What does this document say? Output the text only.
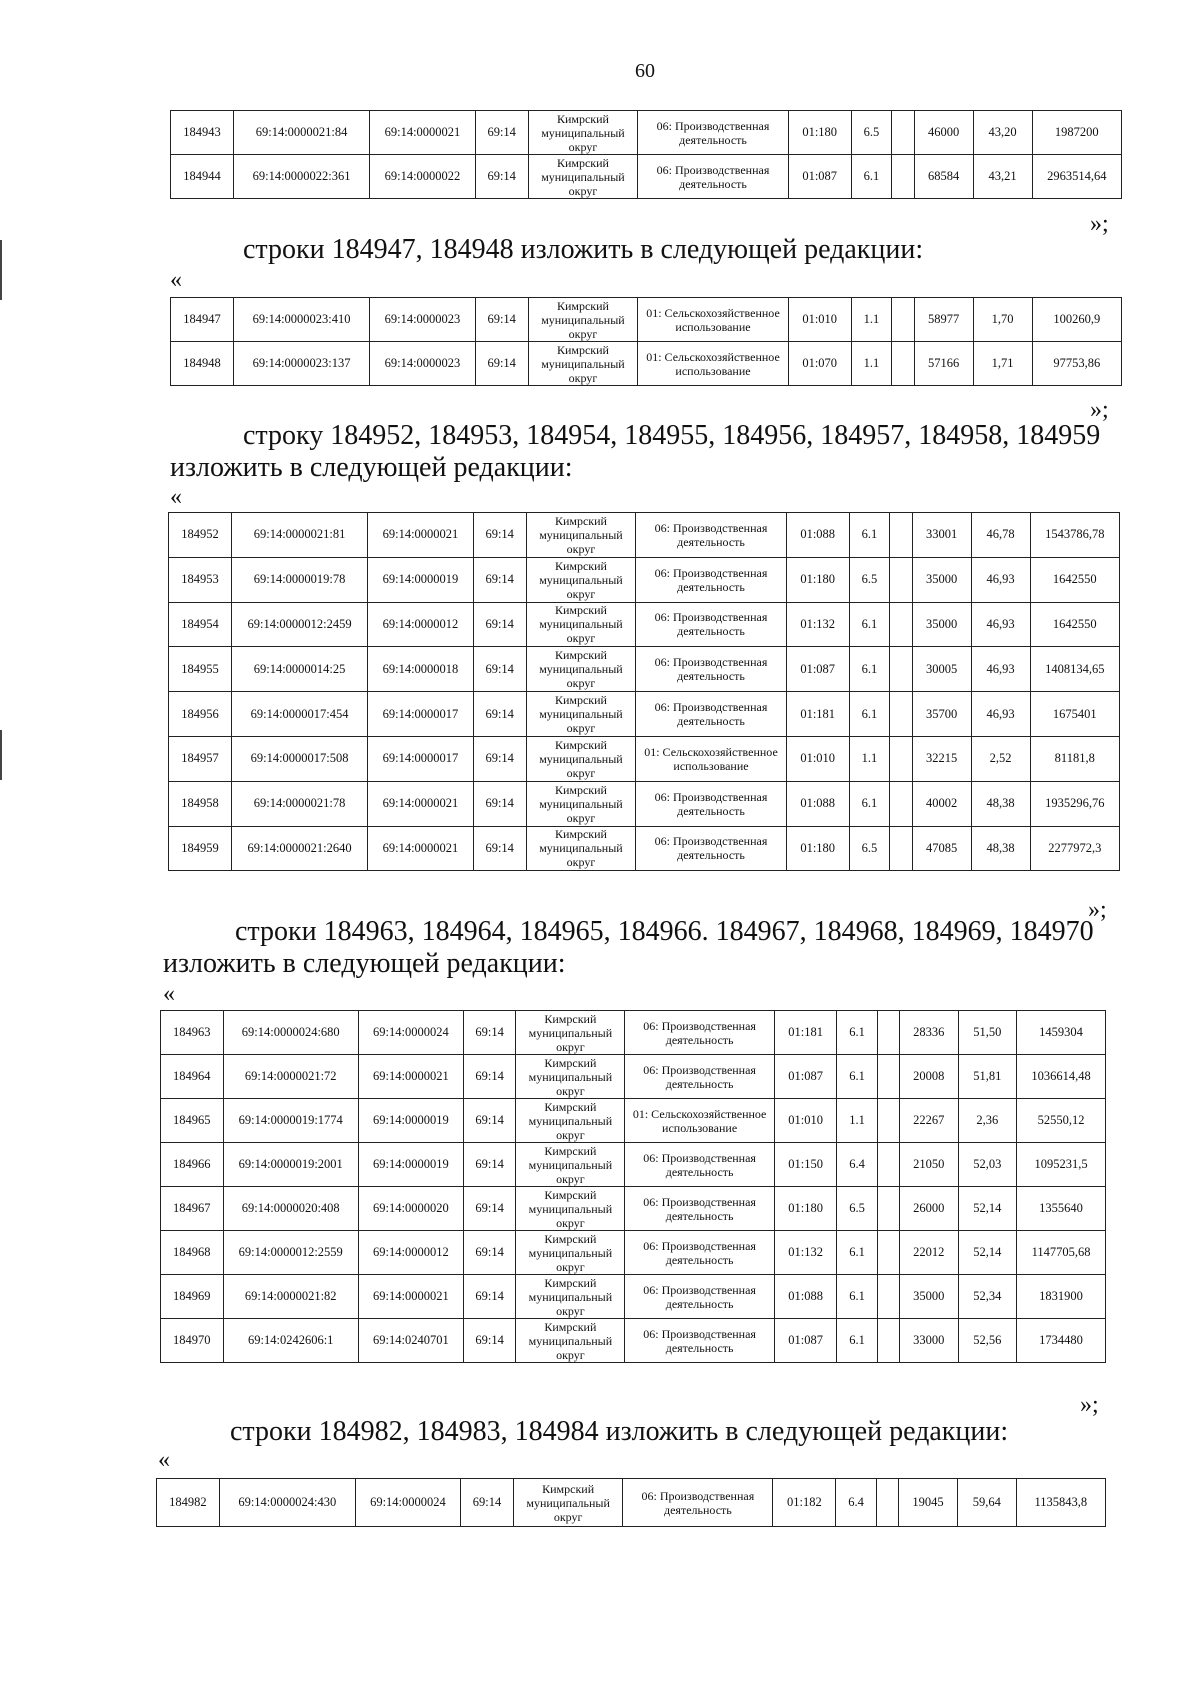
60
184943	69:14:0000021:84	69:14:0000021	69:14	Кимрский муниципальный округ	06: Производственная деятельность	01:180	6.5		46000	43,20	1987200
184944	69:14:0000022:361	69:14:0000022	69:14	Кимрский муниципальный округ	06: Производственная деятельность	01:087	6.1		68584	43,21	2963514,64
»;
строки 184947, 184948 изложить в следующей редакции:
«
184947	69:14:0000023:410	69:14:0000023	69:14	Кимрский муниципальный округ	01: Сельскохозяйственное использование	01:010	1.1		58977	1,70	100260,9
184948	69:14:0000023:137	69:14:0000023	69:14	Кимрский муниципальный округ	01: Сельскохозяйственное использование	01:070	1.1		57166	1,71	97753,86
»;
строку 184952, 184953, 184954, 184955, 184956, 184957, 184958, 184959
изложить в следующей редакции:
«
184952	69:14:0000021:81	69:14:0000021	69:14	Кимрский муниципальный округ	06: Производственная деятельность	01:088	6.1		33001	46,78	1543786,78
184953	69:14:0000019:78	69:14:0000019	69:14	Кимрский муниципальный округ	06: Производственная деятельность	01:180	6.5		35000	46,93	1642550
184954	69:14:0000012:2459	69:14:0000012	69:14	Кимрский муниципальный округ	06: Производственная деятельность	01:132	6.1		35000	46,93	1642550
184955	69:14:0000014:25	69:14:0000018	69:14	Кимрский муниципальный округ	06: Производственная деятельность	01:087	6.1		30005	46,93	1408134,65
184956	69:14:0000017:454	69:14:0000017	69:14	Кимрский муниципальный округ	06: Производственная деятельность	01:181	6.1		35700	46,93	1675401
184957	69:14:0000017:508	69:14:0000017	69:14	Кимрский муниципальный округ	01: Сельскохозяйственное использование	01:010	1.1		32215	2,52	81181,8
184958	69:14:0000021:78	69:14:0000021	69:14	Кимрский муниципальный округ	06: Производственная деятельность	01:088	6.1		40002	48,38	1935296,76
184959	69:14:0000021:2640	69:14:0000021	69:14	Кимрский муниципальный округ	06: Производственная деятельность	01:180	6.5		47085	48,38	2277972,3
»;
строки 184963, 184964, 184965, 184966. 184967, 184968, 184969, 184970
изложить в следующей редакции:
«
184963	69:14:0000024:680	69:14:0000024	69:14	Кимрский муниципальный округ	06: Производственная деятельность	01:181	6.1		28336	51,50	1459304
184964	69:14:0000021:72	69:14:0000021	69:14	Кимрский муниципальный округ	06: Производственная деятельность	01:087	6.1		20008	51,81	1036614,48
184965	69:14:0000019:1774	69:14:0000019	69:14	Кимрский муниципальный округ	01: Сельскохозяйственное использование	01:010	1.1		22267	2,36	52550,12
184966	69:14:0000019:2001	69:14:0000019	69:14	Кимрский муниципальный округ	06: Производственная деятельность	01:150	6.4		21050	52,03	1095231,5
184967	69:14:0000020:408	69:14:0000020	69:14	Кимрский муниципальный округ	06: Производственная деятельность	01:180	6.5		26000	52,14	1355640
184968	69:14:0000012:2559	69:14:0000012	69:14	Кимрский муниципальный округ	06: Производственная деятельность	01:132	6.1		22012	52,14	1147705,68
184969	69:14:0000021:82	69:14:0000021	69:14	Кимрский муниципальный округ	06: Производственная деятельность	01:088	6.1		35000	52,34	1831900
184970	69:14:0242606:1	69:14:0240701	69:14	Кимрский муниципальный округ	06: Производственная деятельность	01:087	6.1		33000	52,56	1734480
»;
строки 184982, 184983, 184984 изложить в следующей редакции:
«
184982	69:14:0000024:430	69:14:0000024	69:14	Кимрский муниципальный округ	06: Производственная деятельность	01:182	6.4		19045	59,64	1135843,8
